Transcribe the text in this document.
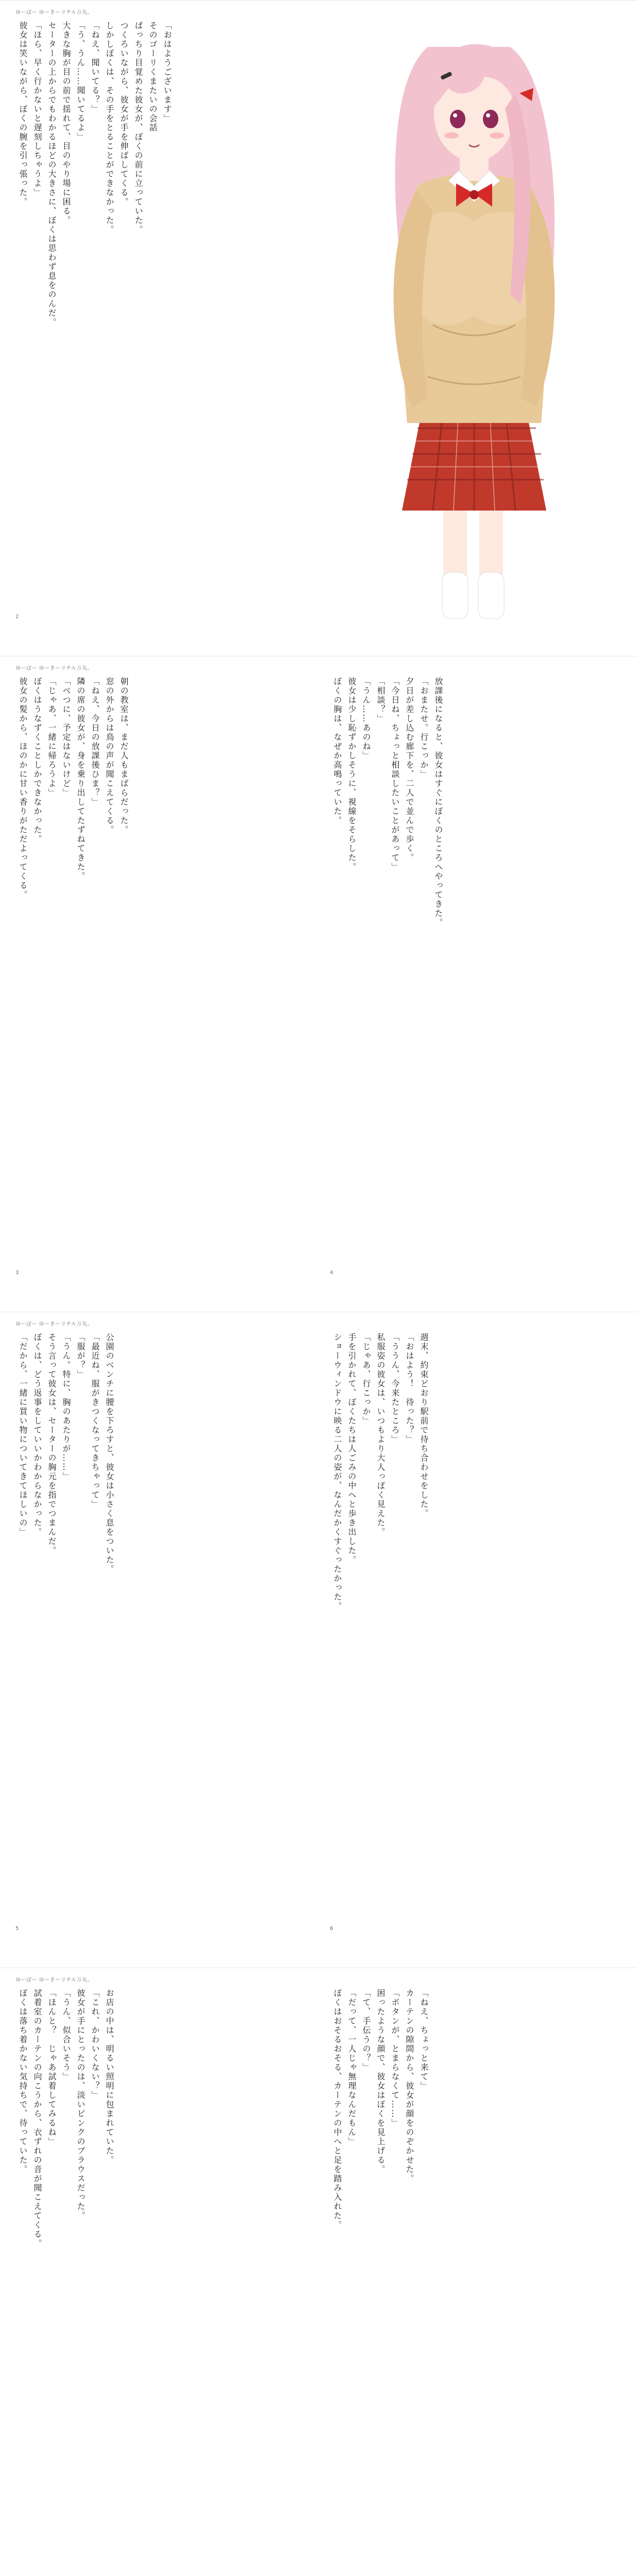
ゆーぽー ゆーきーリチル万丸。
「おはようございます」
そのゴーリくまたいの会話
ぱっちり目覚めた彼女が、ぼくの前に立っていた。
つくろいながら、彼女が手を伸ばしてくる。
しかしぼくは、その手をとることができなかった。
「ねえ、聞いてる？」
「う、うん……聞いてるよ」
大きな胸が目の前で揺れて、目のやり場に困る。
セーターの上からでもわかるほどの大きさに、ぼくは思わず息をのんだ。
「ほら、早く行かないと遅刻しちゃうよ」
彼女は笑いながら、ぼくの腕を引っ張った。
2
ゆーぽー ゆーきーリチル万丸。
朝の教室は、まだ人もまばらだった。
窓の外からは鳥の声が聞こえてくる。
「ねえ、今日の放課後ひま？」
隣の席の彼女が、身を乗り出してたずねてきた。
「べつに、予定はないけど」
「じゃあ、一緒に帰ろうよ」
ぼくはうなずくことしかできなかった。
彼女の髪から、ほのかに甘い香りがただよってくる。
3
放課後になると、彼女はすぐにぼくのところへやってきた。
「おまたせ。行こっか」
夕日が差し込む廊下を、二人で並んで歩く。
「今日ね、ちょっと相談したいことがあって」
「相談？」
「うん……あのね」
彼女は少し恥ずかしそうに、視線をそらした。
ぼくの胸は、なぜか高鳴っていた。
4
ゆーぽー ゆーきーリチル万丸。
公園のベンチに腰を下ろすと、彼女は小さく息をついた。
「最近ね、服がきつくなってきちゃって」
「服が？」
「うん。特に、胸のあたりが……」
そう言って彼女は、セーターの胸元を指でつまんだ。
ぼくは、どう返事をしていいかわからなかった。
「だから、一緒に買い物についてきてほしいの」
5
週末、約束どおり駅前で待ち合わせをした。
「おはよう！　待った？」
「ううん、今来たところ」
私服姿の彼女は、いつもより大人っぽく見えた。
「じゃあ、行こっか」
手を引かれて、ぼくたちは人ごみの中へと歩き出した。
ショーウィンドウに映る二人の姿が、なんだかくすぐったかった。
6
ゆーぽー ゆーきーリチル万丸。
お店の中は、明るい照明に包まれていた。
「これ、かわいくない？」
彼女が手にとったのは、淡いピンクのブラウスだった。
「うん、似合いそう」
「ほんと？　じゃあ試着してみるね」
試着室のカーテンの向こうから、衣ずれの音が聞こえてくる。
ぼくは落ち着かない気持ちで、待っていた。	「ねえ、ちょっと来て」
カーテンの隙間から、彼女が顔をのぞかせた。
「ボタンが、とまらなくて……」
困ったような顔で、彼女はぼくを見上げる。
「て、手伝うの？」
「だって、一人じゃ無理なんだもん」
ぼくはおそるおそる、カーテンの中へと足を踏み入れた。
